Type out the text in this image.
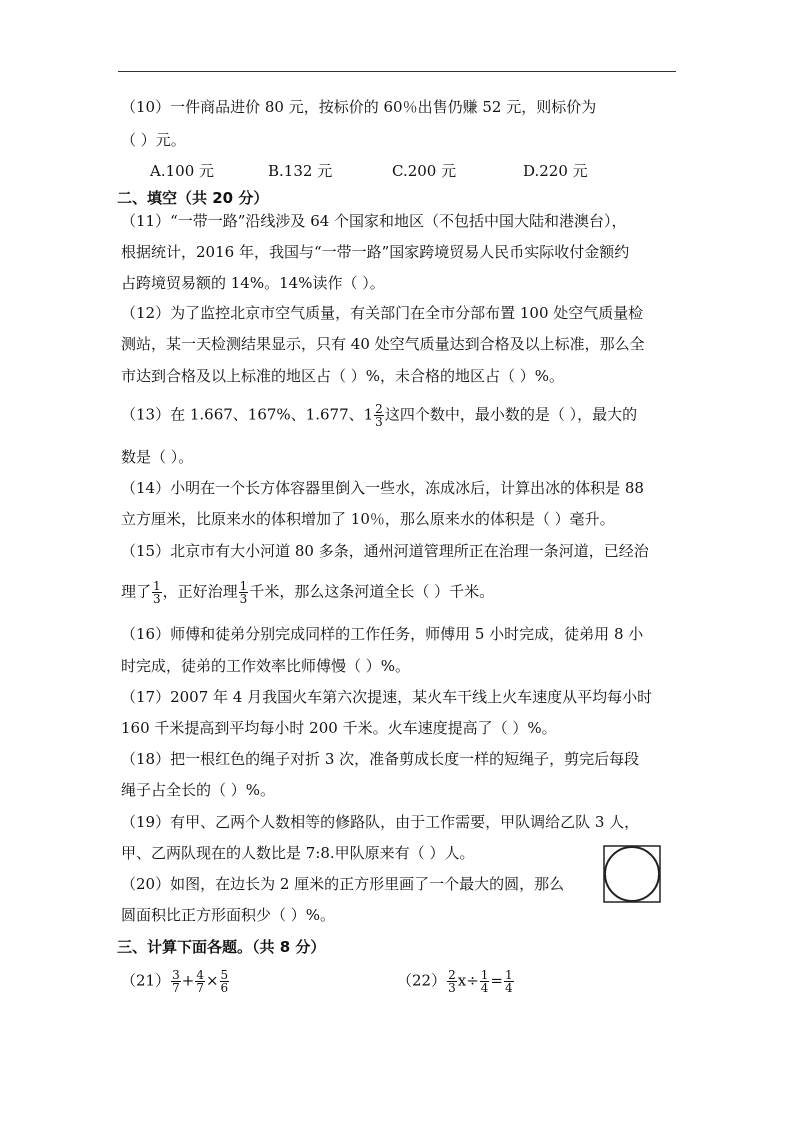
（10）一件商品进价 80 元，按标价的 60％出售仍赚 52 元，则标价为
（ ）元。
A.100 元	B.132 元	C.200 元	D.220 元
二、填空（共 20 分）
（11）“一带一路”沿线涉及 64 个国家和地区（不包括中国大陆和港澳台），
根据统计，2016 年，我国与“一带一路”国家跨境贸易人民币实际收付金额约
占跨境贸易额的 14%。14%读作（ ）。
（12）为了监控北京市空气质量，有关部门在全市分部布置 100 处空气质量检
测站，某一天检测结果显示，只有 40 处空气质量达到合格及以上标准，那么全
市达到合格及以上标准的地区占（ ）%，未合格的地区占（ ）%。
（13）在 1.667、167%、1.677、$1 \frac{2}{3}$ 这四个数中，最小数的是（ ），最大的
数是（ ）。
（14）小明在一个长方体容器里倒入一些水，冻成冰后，计算出冰的体积是 88
立方厘米，比原来水的体积增加了 10％，那么原来水的体积是（ ）毫升。
（15）北京市有大小河道 80 多条，通州河道管理所正在治理一条河道，已经治
理了 $\frac{1}{3}$ ，正好治理 $\frac{1}{3}$ 千米，那么这条河道全长（ ）千米。
（16）师傅和徒弟分别完成同样的工作任务，师傅用 5 小时完成，徒弟用 8 小
时完成，徒弟的工作效率比师傅慢（ ）%。
（17）2007 年 4 月我国火车第六次提速，某火车干线上火车速度从平均每小时
160 千米提高到平均每小时 200 千米。火车速度提高了（ ）%。
（18）把一根红色的绳子对折 3 次，准备剪成长度一样的短绳子，剪完后每段
绳子占全长的（ ）%。
（19）有甲、乙两个人数相等的修路队，由于工作需要，甲队调给乙队 3 人，
甲、乙两队现在的人数比是 7:8.甲队原来有（ ）人。
（20）如图，在边长为 2 厘米的正方形里画了一个最大的圆，那么
圆面积比正方形面积少（ ）%。
三、计算下面各题。（共 8 分）
$(21) \frac{3}{7} + \frac{4}{7} \times \frac{5}{6}$	$(22) \frac{2}{3} x\div \frac{1}{4} = \frac{1}{4}$
